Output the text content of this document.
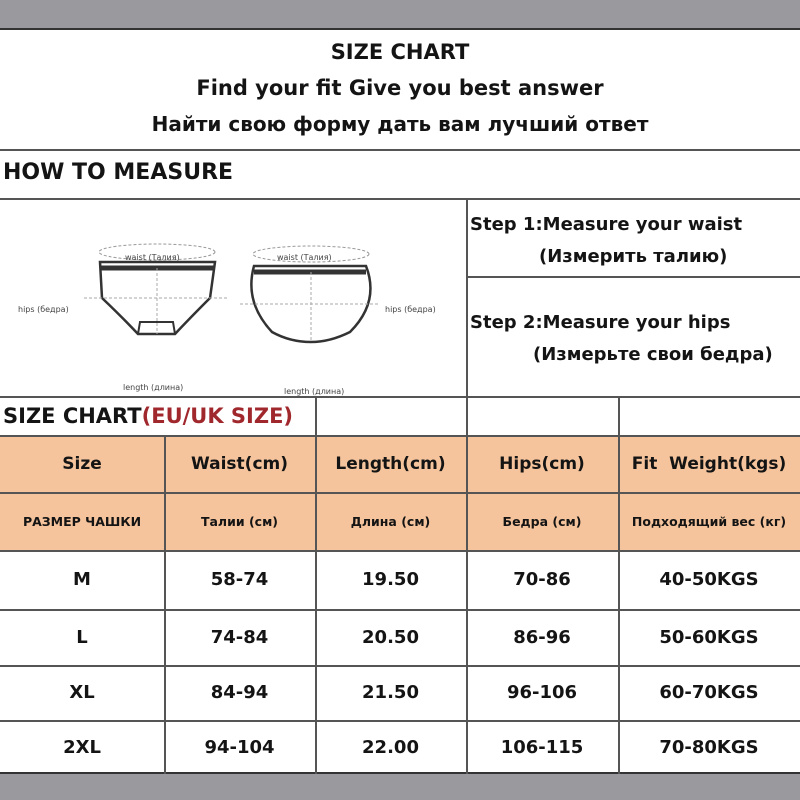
SIZE CHART
Find your fit Give you best answer
Найти свою форму дать вам лучший ответ
HOW TO MEASURE
waist (Талия)	waist (Талия)
hips (бедра)	hips (бедра)
length (длина)	length (длина)
Step 1:Measure your waist
(Измерить талию)
Step 2:Measure your hips
(Измерьте свои бедра)
SIZE CHART(EU/UK SIZE)
Size	Waist(cm)	Length(cm)	Hips(cm)	Fit  Weight(kgs)
РАЗМЕР ЧАШКИ	Талии (см)	Длина (см)	Бедра (см)	Подходящий вес (кг)
M	58-74	19.50	70-86	40-50KGS
L	74-84	20.50	86-96	50-60KGS
XL	84-94	21.50	96-106	60-70KGS
2XL	94-104	22.00	106-115	70-80KGS
